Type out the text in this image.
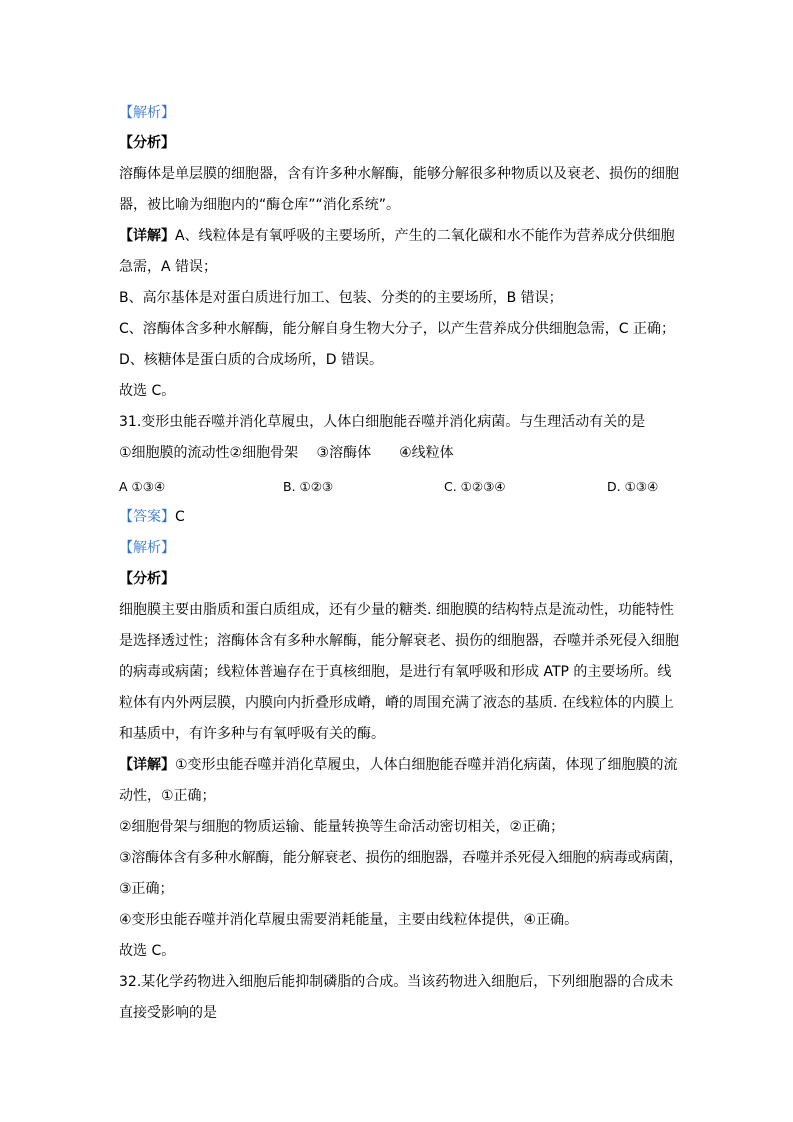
【解析】
【分析】
溶酶体是单层膜的细胞器，含有许多种水解酶，能够分解很多种物质以及衰老、损伤的细胞
器，被比喻为细胞内的“酶仓库”“消化系统”。
【详解】A、线粒体是有氧呼吸的主要场所，产生的二氧化碳和水不能作为营养成分供细胞
急需，A 错误；
B、高尔基体是对蛋白质进行加工、包装、分类的的主要场所，B 错误；
C、溶酶体含多种水解酶，能分解自身生物大分子，以产生营养成分供细胞急需，C 正确；
D、核糖体是蛋白质的合成场所，D 错误。
故选 C。
31.变形虫能吞噬并消化草履虫，人体白细胞能吞噬并消化病菌。与生理活动有关的是
①细胞膜的流动性②细胞骨架　 ③溶酶体　　④线粒体
A ①③④	B. ①②③	C. ①②③④	D. ①③④
【答案】C
【解析】
【分析】
细胞膜主要由脂质和蛋白质组成，还有少量的糖类. 细胞膜的结构特点是流动性，功能特性
是选择透过性；溶酶体含有多种水解酶，能分解衰老、损伤的细胞器，吞噬并杀死侵入细胞
的病毒或病菌；线粒体普遍存在于真核细胞，是进行有氧呼吸和形成 ATP 的主要场所。线
粒体有内外两层膜，内膜向内折叠形成嵴，嵴的周围充满了液态的基质. 在线粒体的内膜上
和基质中，有许多种与有氧呼吸有关的酶。
【详解】①变形虫能吞噬并消化草履虫，人体白细胞能吞噬并消化病菌，体现了细胞膜的流
动性，①正确；
②细胞骨架与细胞的物质运输、能量转换等生命活动密切相关，②正确；
③溶酶体含有多种水解酶，能分解衰老、损伤的细胞器，吞噬并杀死侵入细胞的病毒或病菌，
③正确；
④变形虫能吞噬并消化草履虫需要消耗能量，主要由线粒体提供，④正确。
故选 C。
32.某化学药物进入细胞后能抑制磷脂的合成。当该药物进入细胞后，下列细胞器的合成未
直接受影响的是
